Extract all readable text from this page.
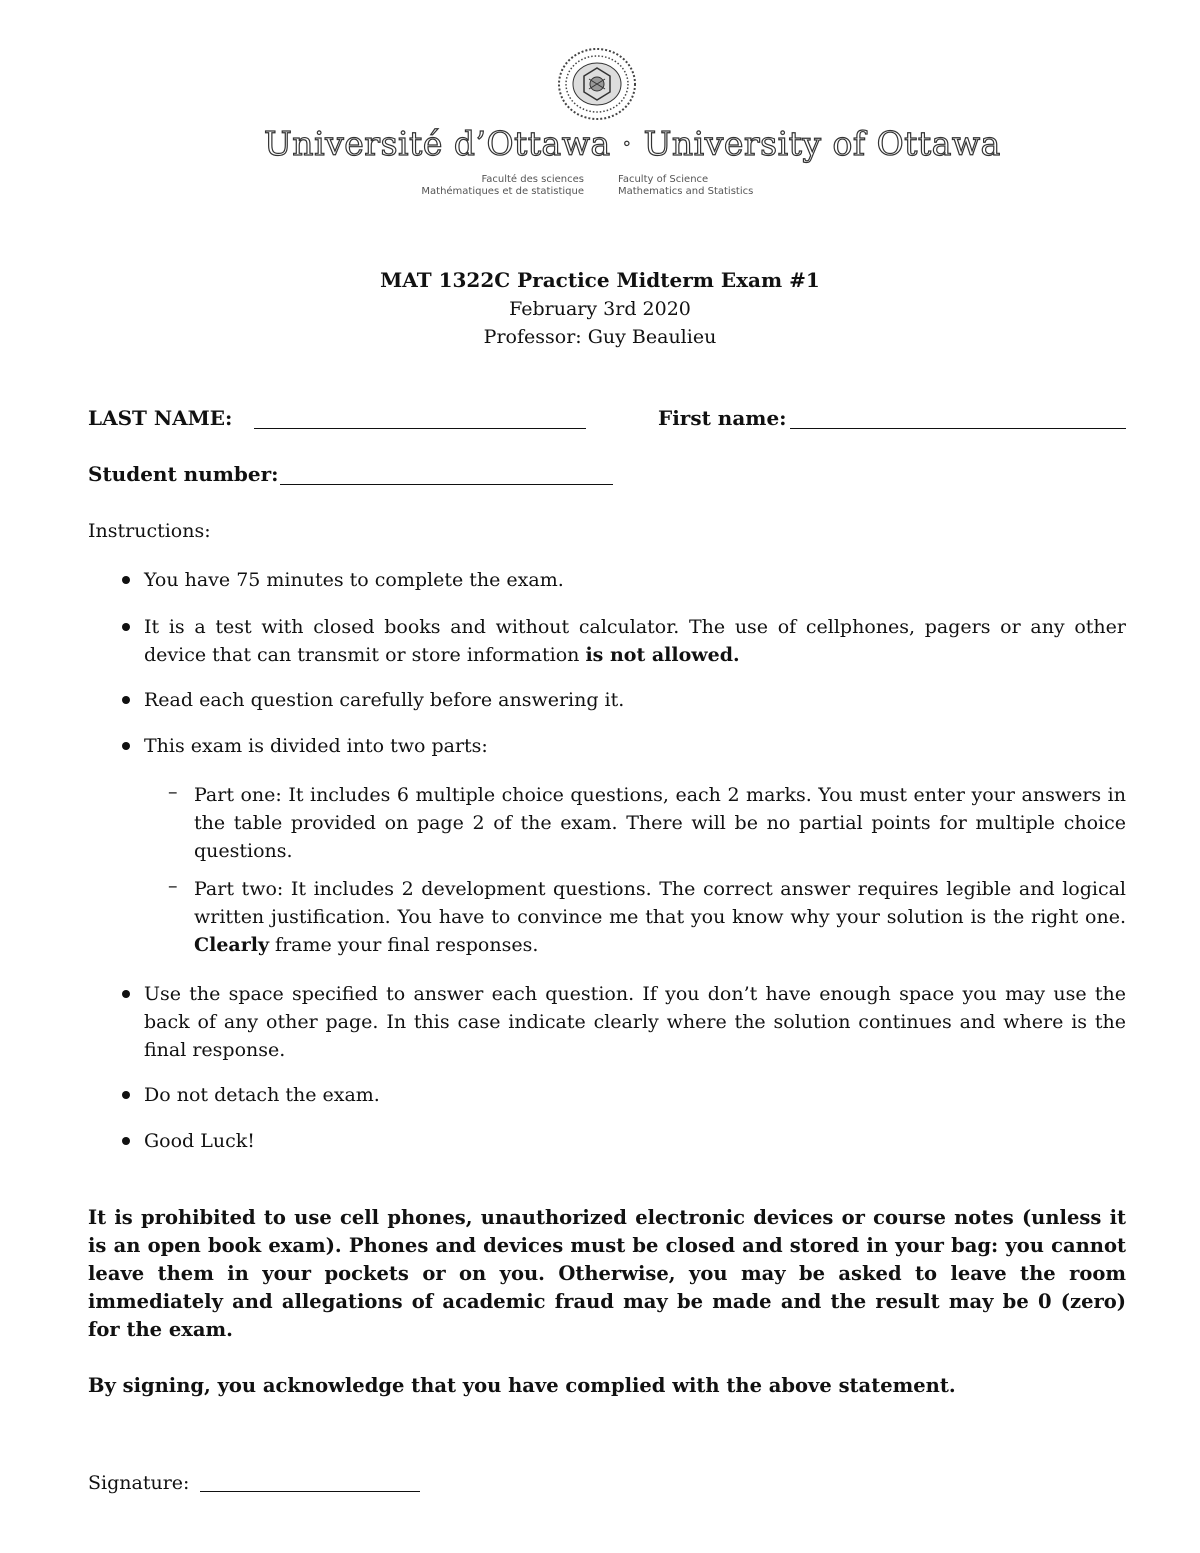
Université d’Ottawa · University of Ottawa
Faculté des sciences
Mathématiques et de statistique
Faculty of Science
Mathematics and Statistics
MAT 1322C Practice Midterm Exam #1
February 3rd 2020
Professor: Guy Beaulieu
LAST NAME:	First name:
Student number:
Instructions:
You have 75 minutes to complete the exam.
It is a test with closed books and without calculator. The use of cellphones, pagers or any other device that can transmit or store information is not allowed.
Read each question carefully before answering it.
This exam is divided into two parts:
– Part one: It includes 6 multiple choice questions, each 2 marks. You must enter your answers in the table provided on page 2 of the exam. There will be no partial points for multiple choice questions.
– Part two: It includes 2 development questions. The correct answer requires legible and logical written justification. You have to convince me that you know why your solution is the right one. Clearly frame your final responses.
Use the space specified to answer each question. If you don’t have enough space you may use the back of any other page. In this case indicate clearly where the solution continues and where is the final response.
Do not detach the exam.
Good Luck!
It is prohibited to use cell phones, unauthorized electronic devices or course notes (unless it is an open book exam). Phones and devices must be closed and stored in your bag: you cannot leave them in your pockets or on you. Otherwise, you may be asked to leave the room immediately and allegations of academic fraud may be made and the result may be 0 (zero) for the exam.
By signing, you acknowledge that you have complied with the above statement.
Signature:
